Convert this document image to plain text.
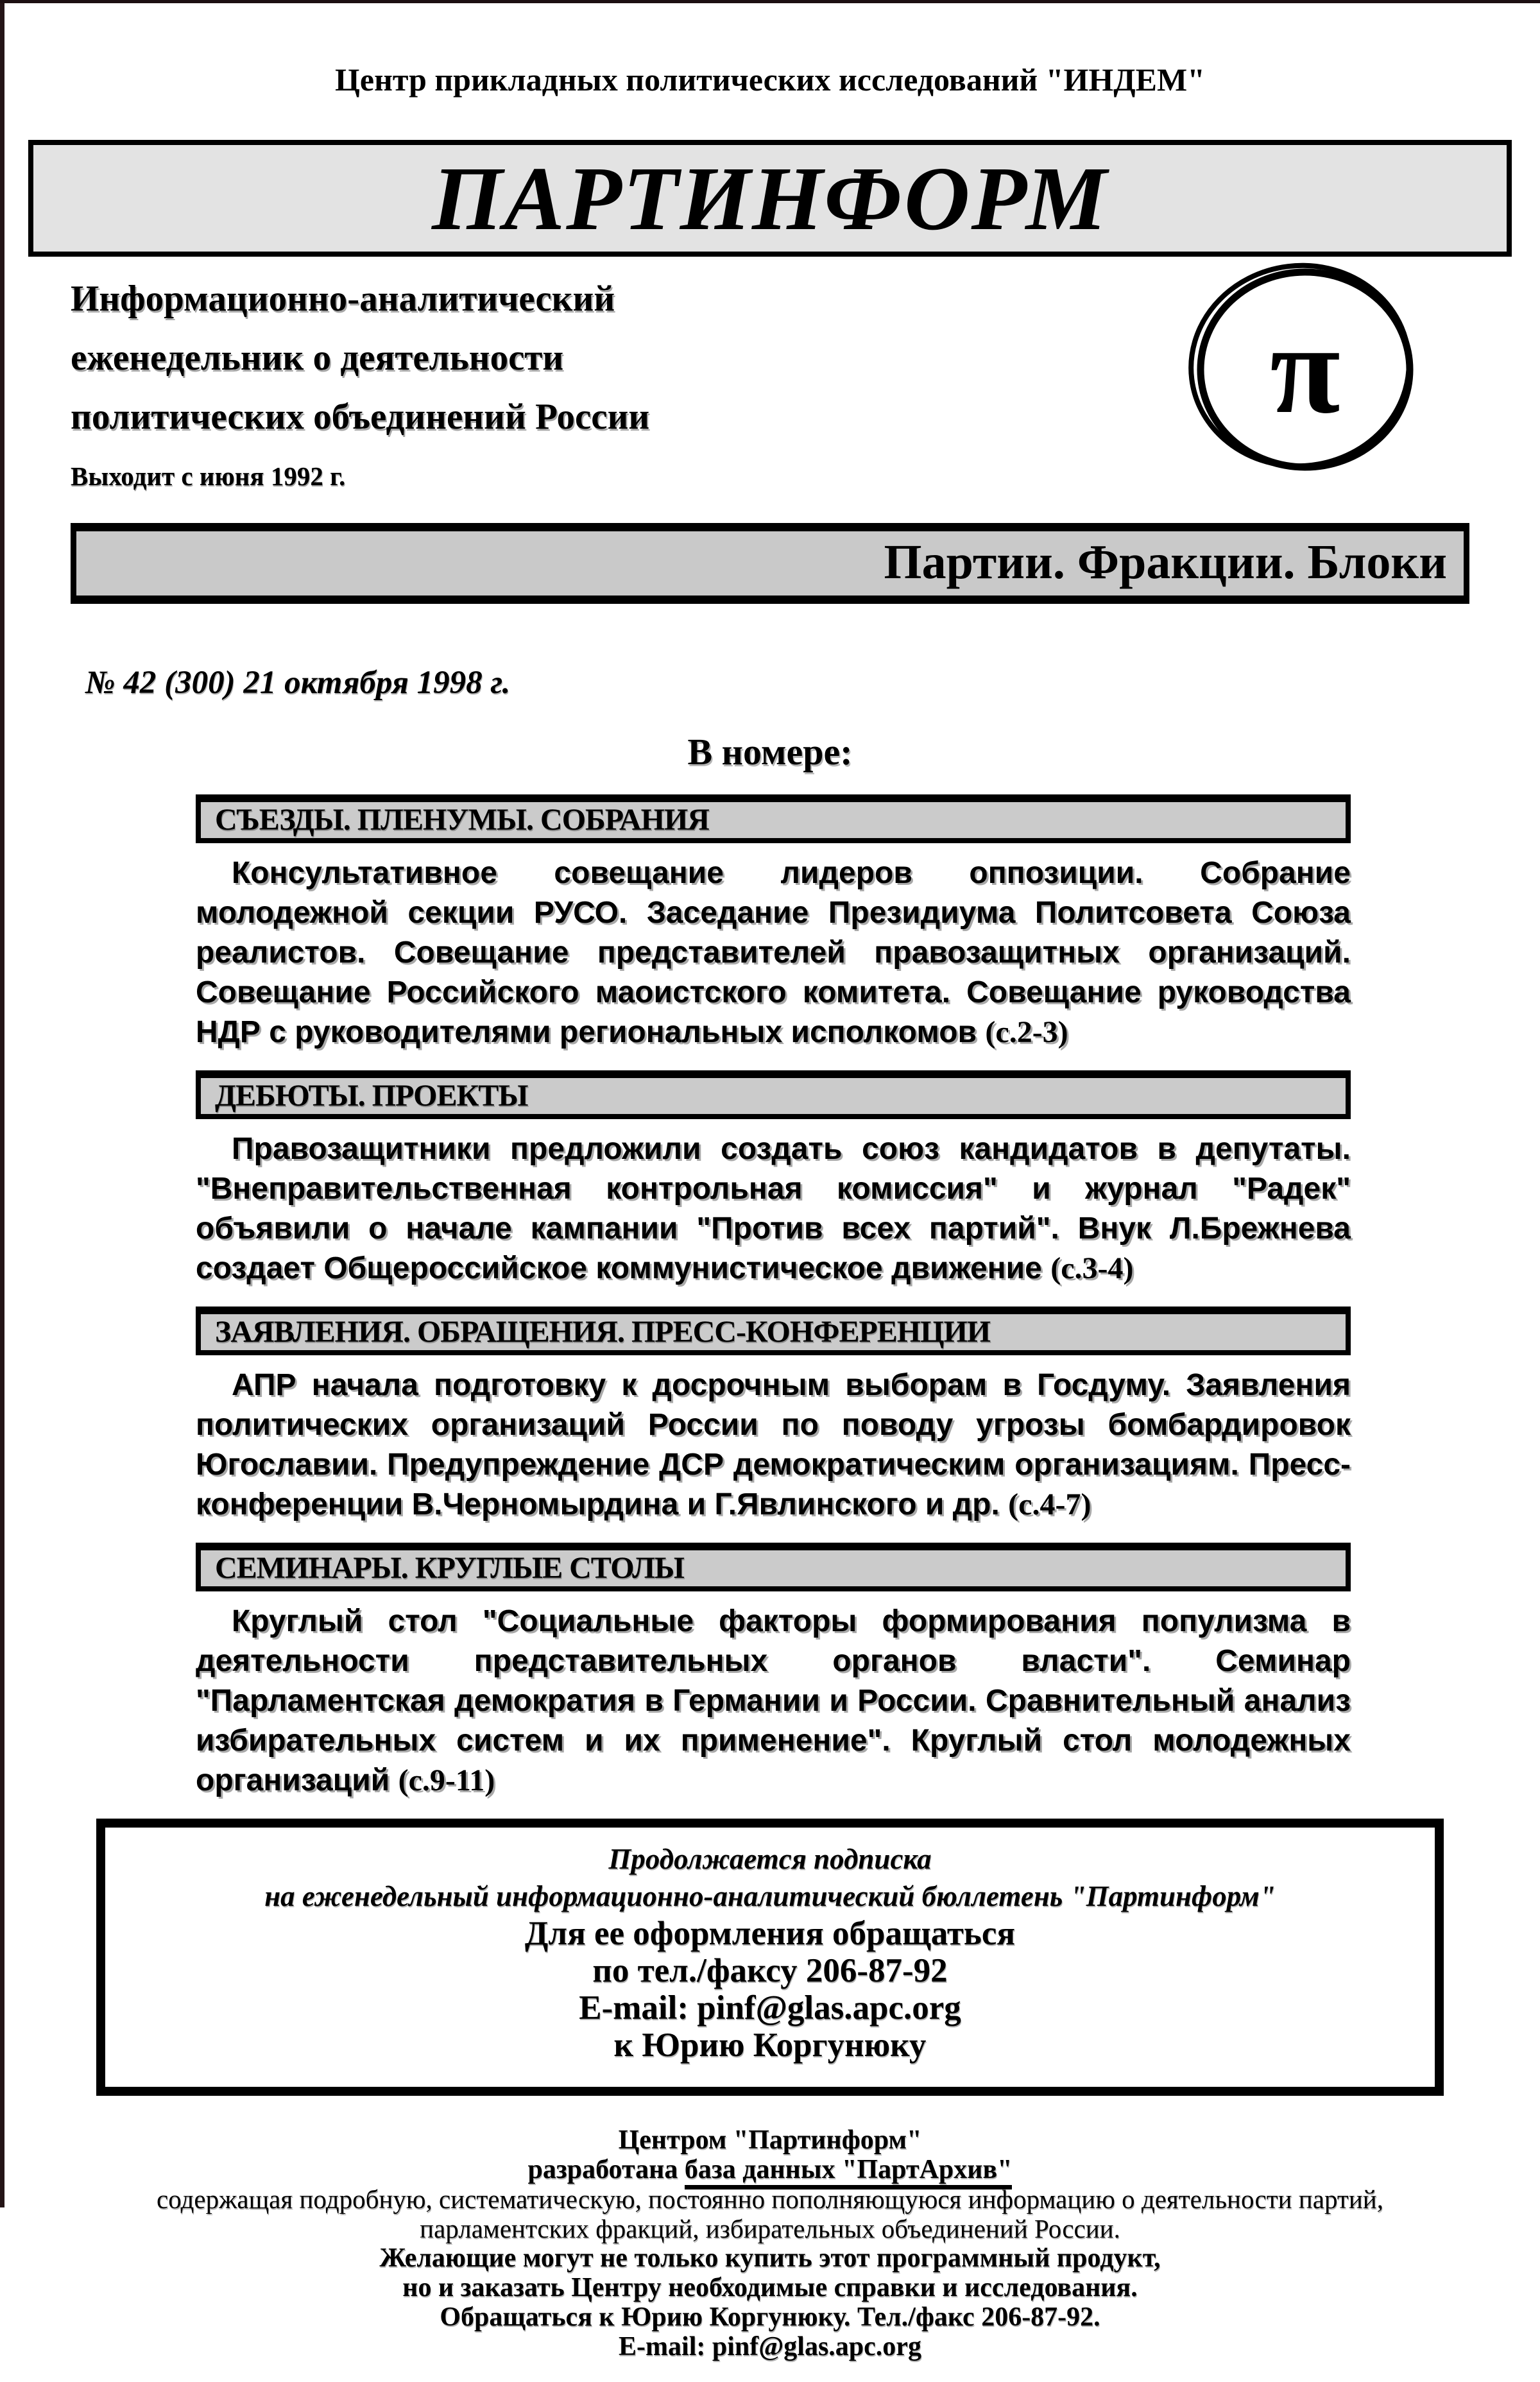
Центр прикладных политических исследований "ИНДЕМ"
ПАРТИНФОРМ
Информационно-аналитический
еженедельник о деятельности
политических объединений России
Выходит с июня 1992 г.
π
Партии. Фракции. Блоки
№ 42 (300) 21 октября 1998 г.
В номере:
СЪЕЗДЫ. ПЛЕНУМЫ. СОБРАНИЯ

Консультативное совещание лидеров оппозиции. Собрание молодежной секции РУСО. Заседание Президиума Политсовета Союза реалистов. Совещание представителей правозащитных организаций. Совещание Российского маоистского комитета. Совещание руководства НДР с руководителями региональных исполкомов (с.2-3)

ДЕБЮТЫ. ПРОЕКТЫ

Правозащитники предложили создать союз кандидатов в депутаты. "Внеправительственная контрольная комиссия" и журнал "Радек" объявили о начале кампании "Против всех партий". Внук Л.Брежнева создает Общероссийское коммунистическое движение (с.3-4)

ЗАЯВЛЕНИЯ. ОБРАЩЕНИЯ. ПРЕСС-КОНФЕРЕНЦИИ

АПР начала подготовку к досрочным выборам в Госдуму. Заявления политических организаций России по поводу угрозы бомбардировок Югославии. Предупреждение ДСР демократическим организациям. Пресс-конференции В.Черномырдина и Г.Явлинского и др. (с.4-7)

СЕМИНАРЫ. КРУГЛЫЕ СТОЛЫ

Круглый стол "Социальные факторы формирования популизма в деятельности представительных органов власти". Семинар "Парламентская демократия в Германии и России. Сравнительный анализ избирательных систем и их применение". Круглый стол молодежных организаций (с.9-11)

Продолжается подписка
на еженедельный информационно-аналитический бюллетень "Партинформ"
Для ее оформления обращаться
по тел./факсу 206-87-92
E-mail: pinf@glas.apc.org
к Юрию Коргунюку
Центром "Партинформ"
разработана база данных "ПартАрхив"
содержащая подробную, систематическую, постоянно пополняющуюся информацию о деятельности партий,
парламентских фракций, избирательных объединений России.
Желающие могут не только купить этот программный продукт,
но и заказать Центру необходимые справки и исследования.
Обращаться к Юрию Коргунюку. Тел./факс 206-87-92.
E-mail: pinf@glas.apc.org
